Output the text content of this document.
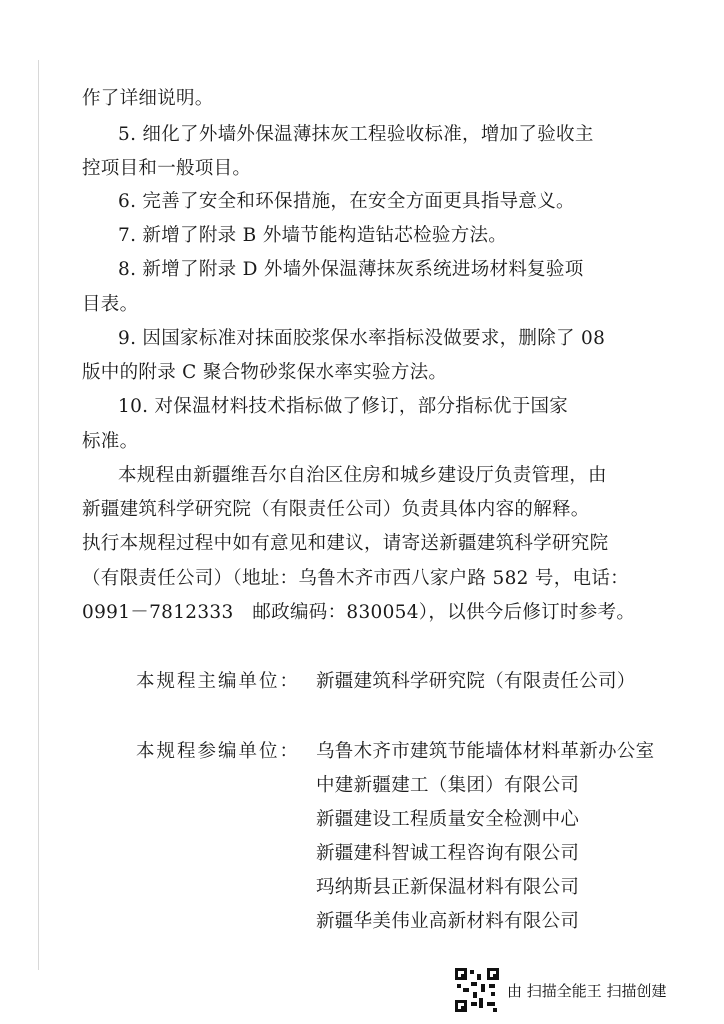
作了详细说明。
5. 细化了外墙外保温薄抹灰工程验收标准，增加了验收主
控项目和一般项目。
6. 完善了安全和环保措施，在安全方面更具指导意义。
7. 新增了附录 B 外墙节能构造钻芯检验方法。
8. 新增了附录 D 外墙外保温薄抹灰系统进场材料复验项
目表。
9. 因国家标准对抹面胶浆保水率指标没做要求，删除了 08
版中的附录 C 聚合物砂浆保水率实验方法。
10. 对保温材料技术指标做了修订，部分指标优于国家
标准。
本规程由新疆维吾尔自治区住房和城乡建设厅负责管理，由
新疆建筑科学研究院（有限责任公司）负责具体内容的解释。
执行本规程过程中如有意见和建议，请寄送新疆建筑科学研究院
（有限责任公司）（地址：乌鲁木齐市西八家户路 582 号，电话：
0991－7812333　邮政编码：830054），以供今后修订时参考。
本规程主编单位： 新疆建筑科学研究院（有限责任公司）
本规程参编单位： 乌鲁木齐市建筑节能墙体材料革新办公室
中建新疆建工（集团）有限公司
新疆建设工程质量安全检测中心
新疆建科智诚工程咨询有限公司
玛纳斯县正新保温材料有限公司
新疆华美伟业高新材料有限公司
由 扫描全能王 扫描创建
